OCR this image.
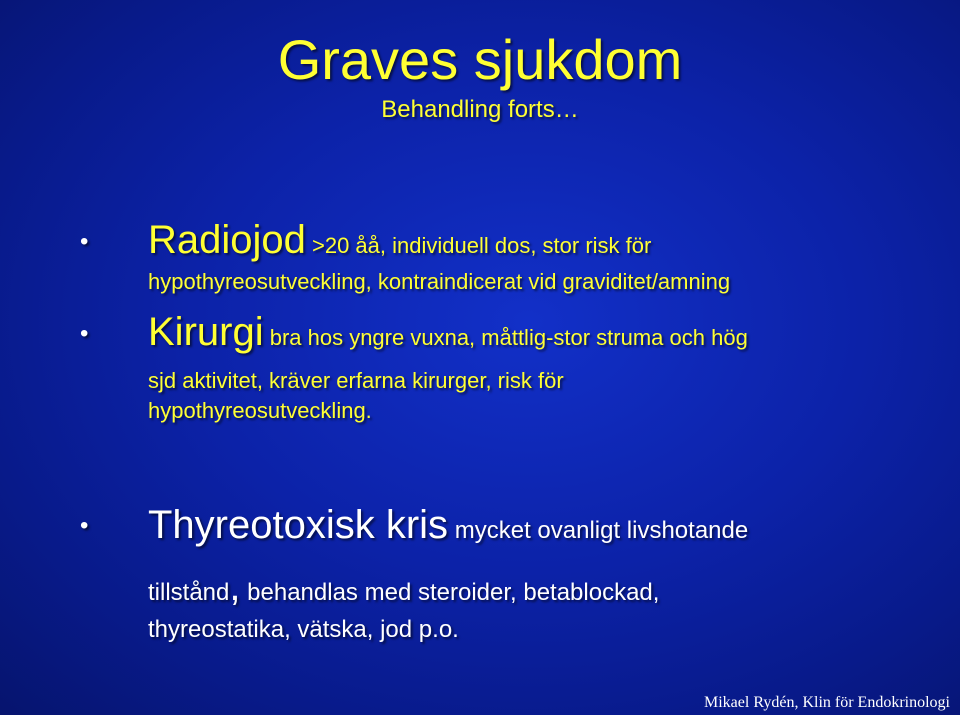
Graves sjukdom
Behandling forts…
• Radiojod >20 åå, individuell dos, stor risk för
hypothyreosutveckling, kontraindicerat vid graviditet/amning
• Kirurgi bra hos yngre vuxna, måttlig-stor struma och hög
sjd aktivitet, kräver erfarna kirurger, risk för
hypothyreosutveckling.
• Thyreotoxisk kris mycket ovanligt livshotande
tillstånd, behandlas med steroider, betablockad,
thyreostatika, vätska, jod p.o.
Mikael Rydén, Klin för Endokrinologi
